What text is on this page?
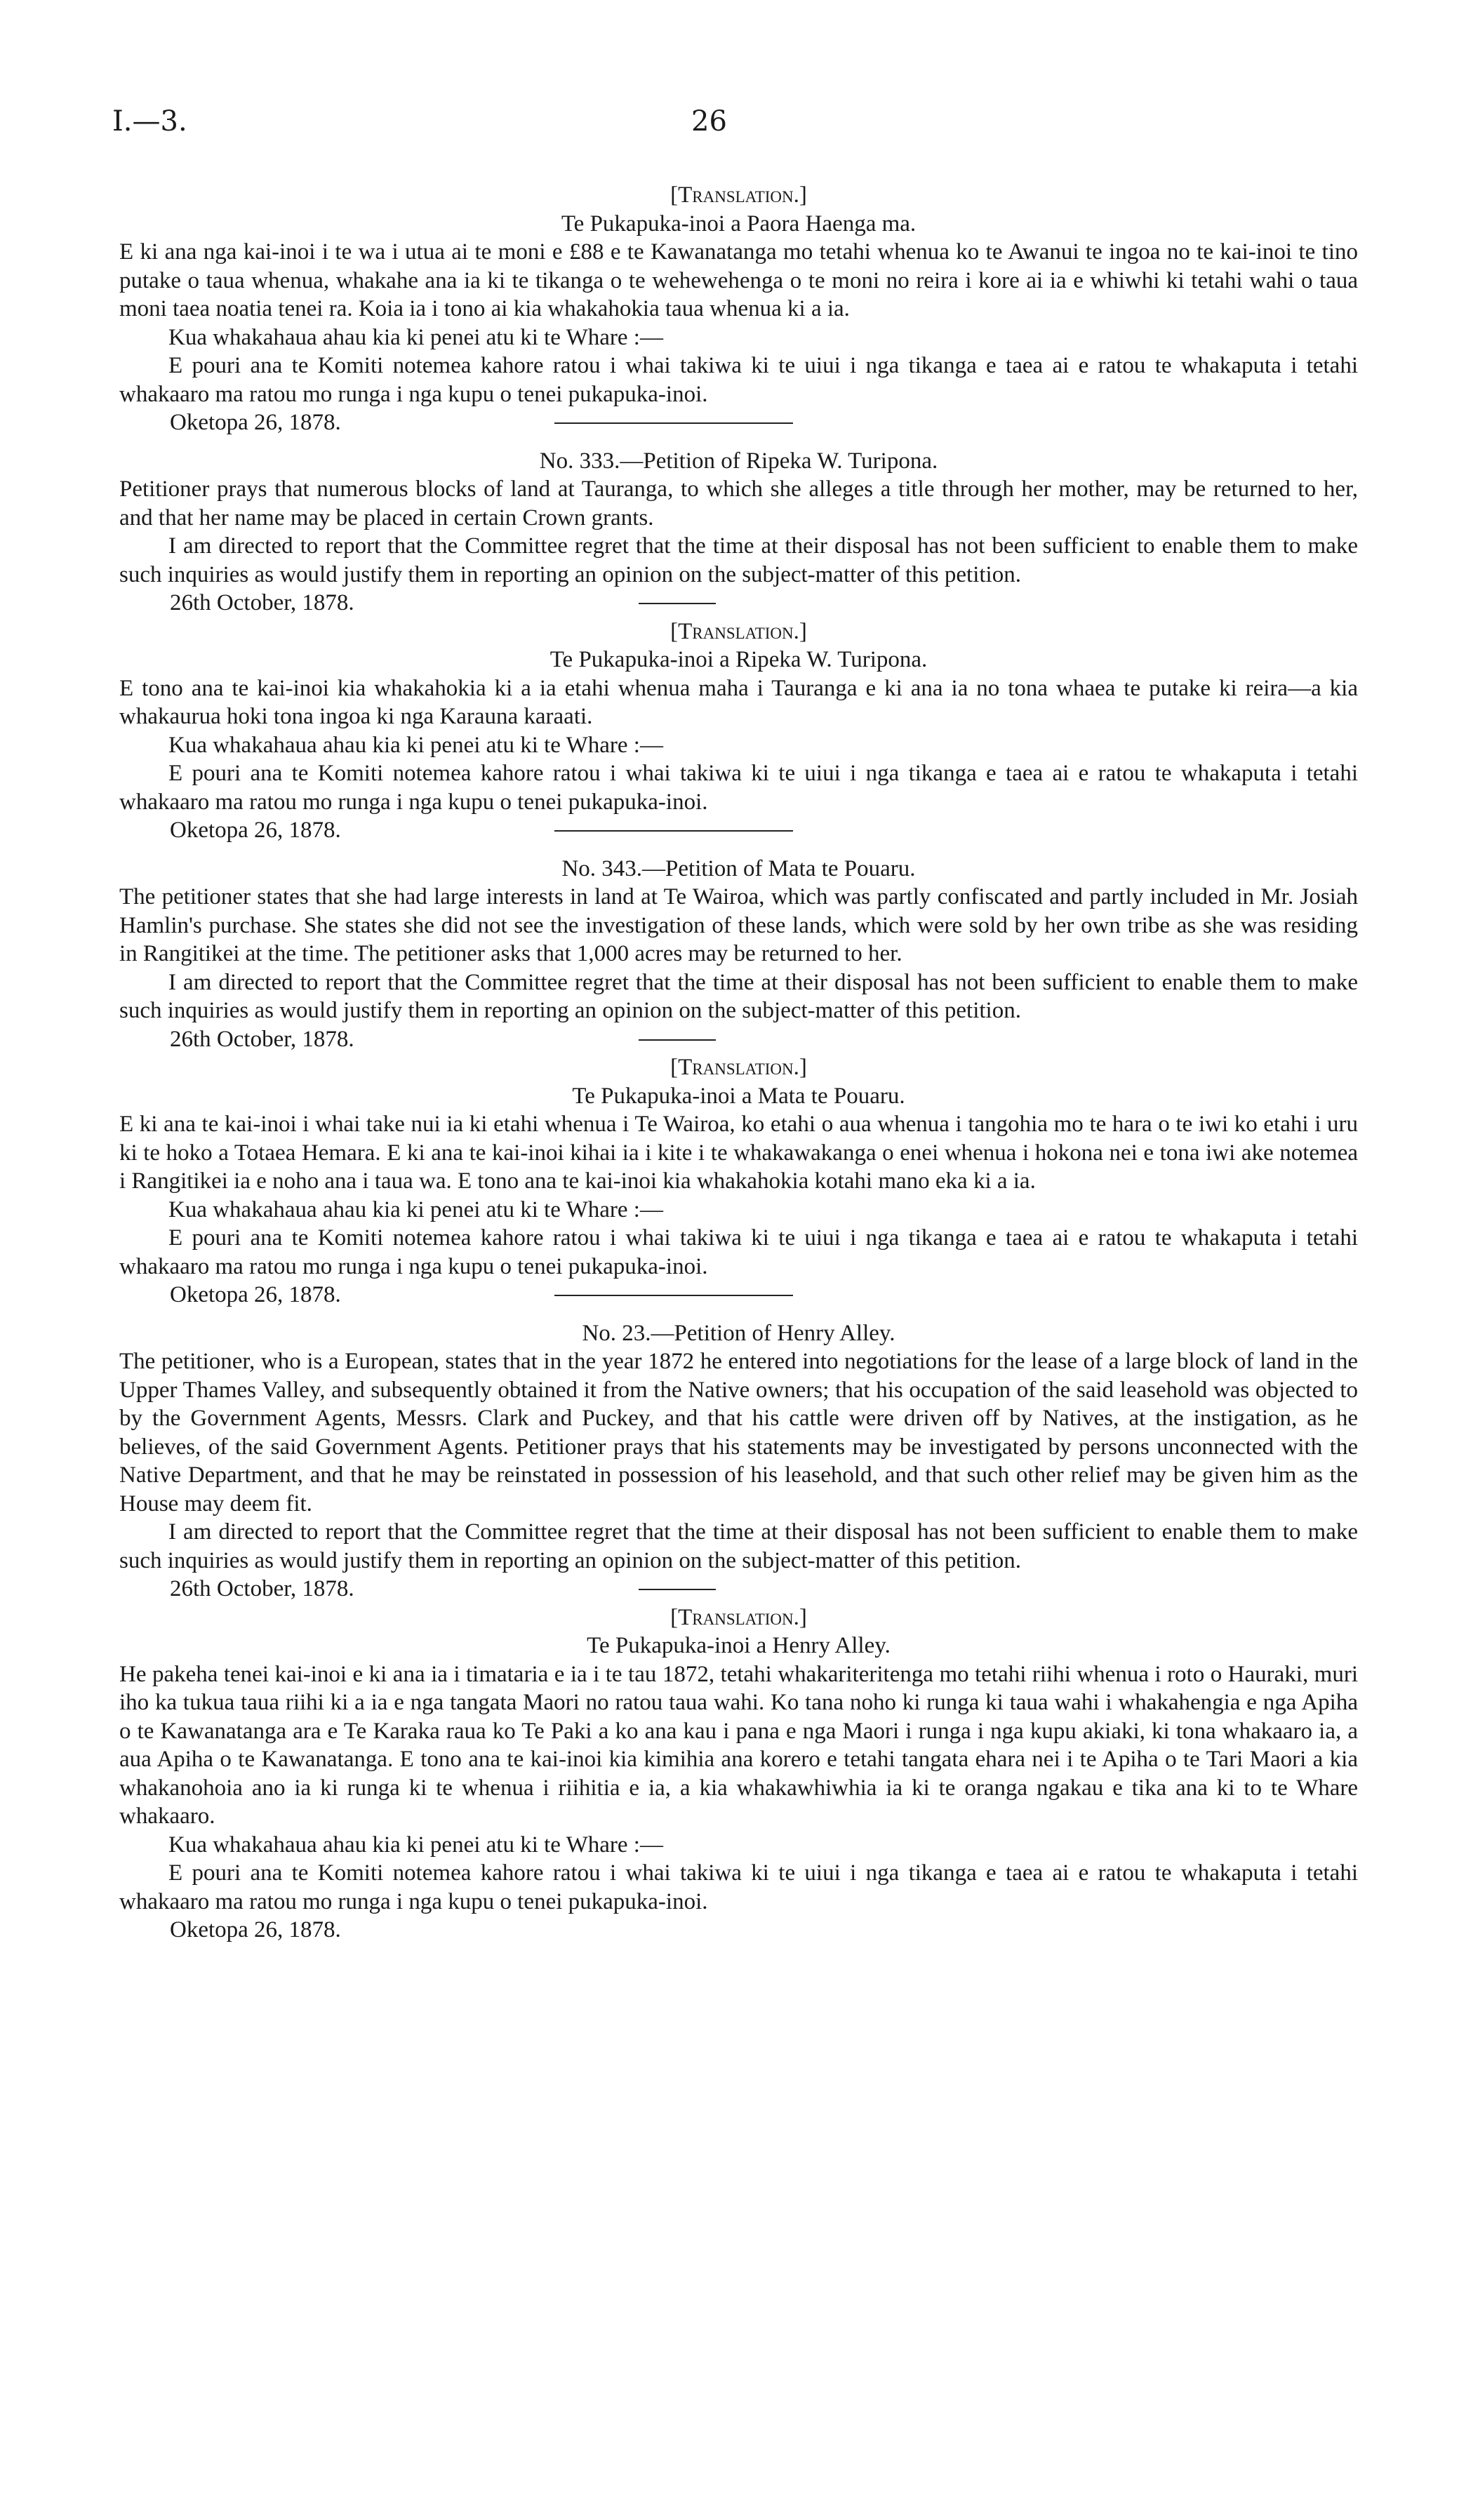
I.—3.	26
[Translation.]
Te Pukapuka-inoi a Paora Haenga ma.

E ki ana nga kai-inoi i te wa i utua ai te moni e £88 e te Kawanatanga mo tetahi whenua ko te Awanui te ingoa no te kai-inoi te tino putake o taua whenua, whakahe ana ia ki te tikanga o te wehewehenga o te moni no reira i kore ai ia e whiwhi ki tetahi wahi o taua moni taea noatia tenei ra. Koia ia i tono ai kia whakahokia taua whenua ki a ia.

Kua whakahaua ahau kia ki penei atu ki te Whare :—

E pouri ana te Komiti notemea kahore ratou i whai takiwa ki te uiui i nga tikanga e taea ai e ratou te whakaputa i tetahi whakaaro ma ratou mo runga i nga kupu o tenei pukapuka-inoi.

Oketopa 26, 1878.

No. 333.—Petition of Ripeka W. Turipona.

Petitioner prays that numerous blocks of land at Tauranga, to which she alleges a title through her mother, may be returned to her, and that her name may be placed in certain Crown grants.

I am directed to report that the Committee regret that the time at their disposal has not been sufficient to enable them to make such inquiries as would justify them in reporting an opinion on the subject-matter of this petition.

26th October, 1878.

[Translation.]
Te Pukapuka-inoi a Ripeka W. Turipona.

E tono ana te kai-inoi kia whakahokia ki a ia etahi whenua maha i Tauranga e ki ana ia no tona whaea te putake ki reira—a kia whakaurua hoki tona ingoa ki nga Karauna karaati.

Kua whakahaua ahau kia ki penei atu ki te Whare :—

E pouri ana te Komiti notemea kahore ratou i whai takiwa ki te uiui i nga tikanga e taea ai e ratou te whakaputa i tetahi whakaaro ma ratou mo runga i nga kupu o tenei pukapuka-inoi.

Oketopa 26, 1878.

No. 343.—Petition of Mata te Pouaru.

The petitioner states that she had large interests in land at Te Wairoa, which was partly confiscated and partly included in Mr. Josiah Hamlin's purchase. She states she did not see the investigation of these lands, which were sold by her own tribe as she was residing in Rangitikei at the time. The petitioner asks that 1,000 acres may be returned to her.

I am directed to report that the Committee regret that the time at their disposal has not been sufficient to enable them to make such inquiries as would justify them in reporting an opinion on the subject-matter of this petition.

26th October, 1878.

[Translation.]
Te Pukapuka-inoi a Mata te Pouaru.

E ki ana te kai-inoi i whai take nui ia ki etahi whenua i Te Wairoa, ko etahi o aua whenua i tangohia mo te hara o te iwi ko etahi i uru ki te hoko a Totaea Hemara. E ki ana te kai-inoi kihai ia i kite i te whakawakanga o enei whenua i hokona nei e tona iwi ake notemea i Rangitikei ia e noho ana i taua wa. E tono ana te kai-inoi kia whakahokia kotahi mano eka ki a ia.

Kua whakahaua ahau kia ki penei atu ki te Whare :—

E pouri ana te Komiti notemea kahore ratou i whai takiwa ki te uiui i nga tikanga e taea ai e ratou te whakaputa i tetahi whakaaro ma ratou mo runga i nga kupu o tenei pukapuka-inoi.

Oketopa 26, 1878.

No. 23.—Petition of Henry Alley.

The petitioner, who is a European, states that in the year 1872 he entered into negotiations for the lease of a large block of land in the Upper Thames Valley, and subsequently obtained it from the Native owners; that his occupation of the said leasehold was objected to by the Government Agents, Messrs. Clark and Puckey, and that his cattle were driven off by Natives, at the instigation, as he believes, of the said Government Agents. Petitioner prays that his statements may be investigated by persons unconnected with the Native Department, and that he may be reinstated in possession of his leasehold, and that such other relief may be given him as the House may deem fit.

I am directed to report that the Committee regret that the time at their disposal has not been sufficient to enable them to make such inquiries as would justify them in reporting an opinion on the subject-matter of this petition.

26th October, 1878.

[Translation.]
Te Pukapuka-inoi a Henry Alley.

He pakeha tenei kai-inoi e ki ana ia i timataria e ia i te tau 1872, tetahi whakariteritenga mo tetahi riihi whenua i roto o Hauraki, muri iho ka tukua taua riihi ki a ia e nga tangata Maori no ratou taua wahi. Ko tana noho ki runga ki taua wahi i whakahengia e nga Apiha o te Kawanatanga ara e Te Karaka raua ko Te Paki a ko ana kau i pana e nga Maori i runga i nga kupu akiaki, ki tona whakaaro ia, a aua Apiha o te Kawanatanga. E tono ana te kai-inoi kia kimihia ana korero e tetahi tangata ehara nei i te Apiha o te Tari Maori a kia whakanohoia ano ia ki runga ki te whenua i riihitia e ia, a kia whakawhiwhia ia ki te oranga ngakau e tika ana ki to te Whare whakaaro.

Kua whakahaua ahau kia ki penei atu ki te Whare :—

E pouri ana te Komiti notemea kahore ratou i whai takiwa ki te uiui i nga tikanga e taea ai e ratou te whakaputa i tetahi whakaaro ma ratou mo runga i nga kupu o tenei pukapuka-inoi.

Oketopa 26, 1878.
